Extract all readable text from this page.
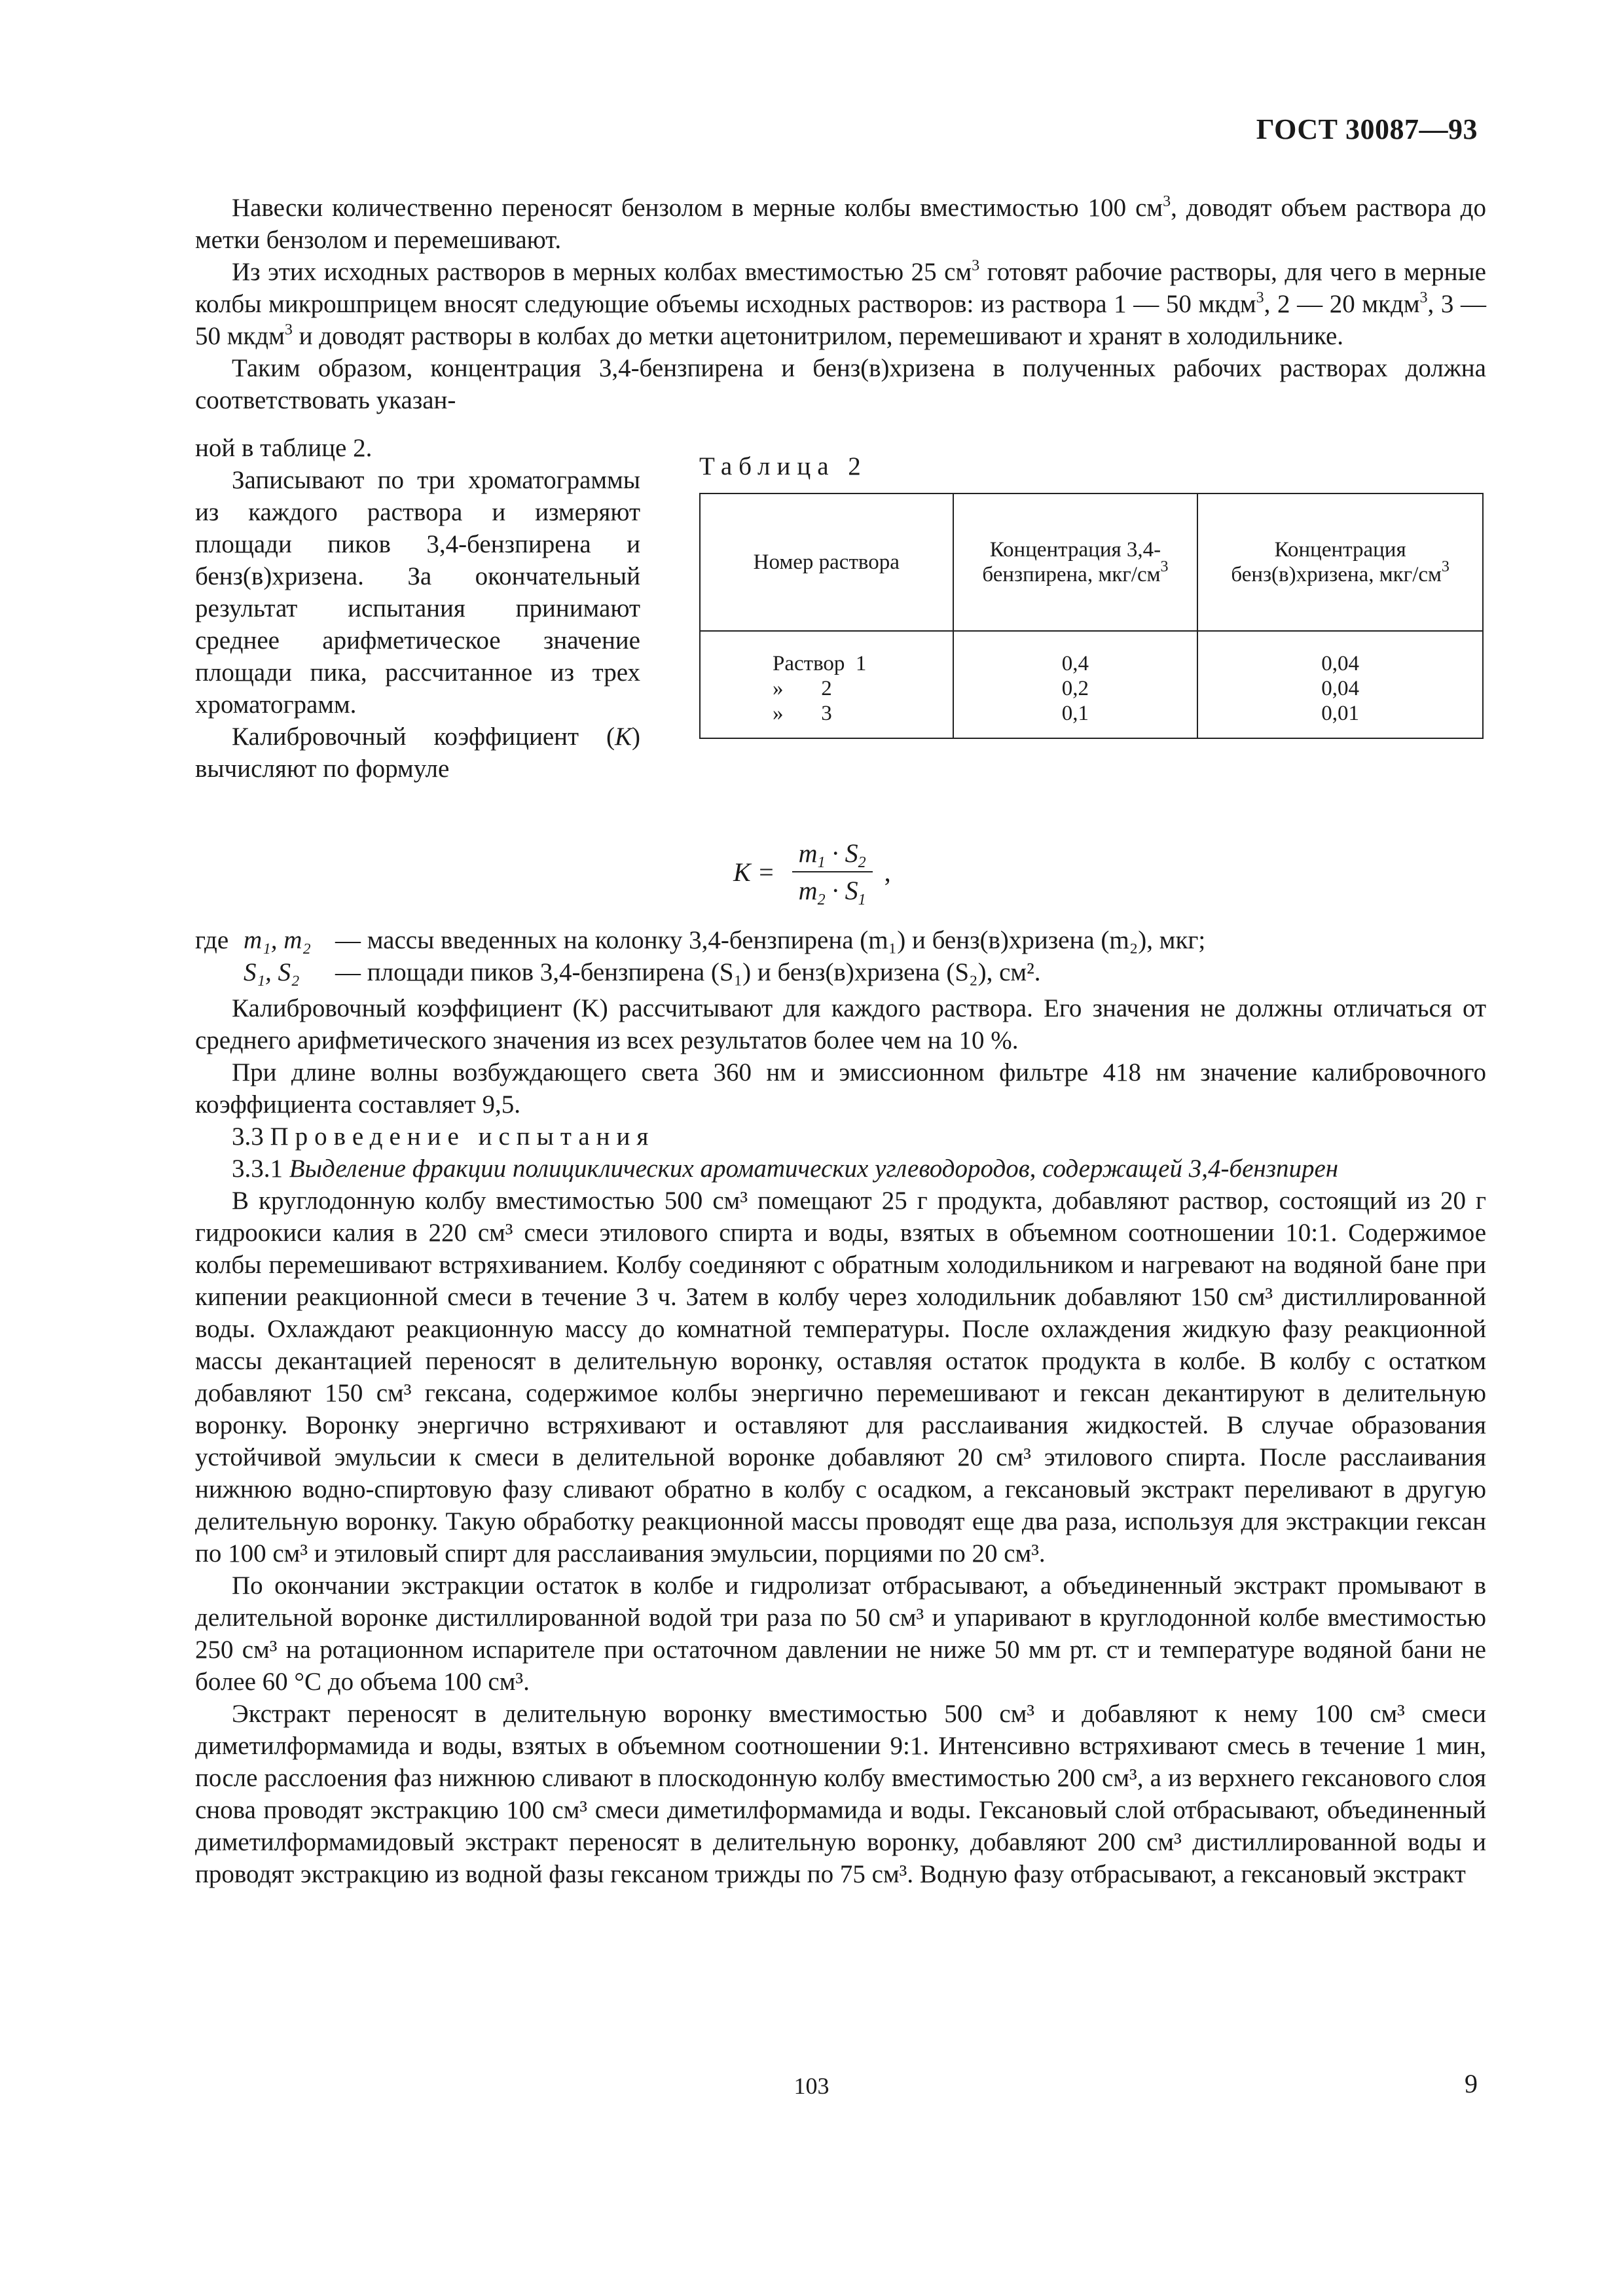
ГОСТ 30087—93

Навески количественно переносят бензолом в мерные колбы вместимостью 100 $см^3$, доводят объем раствора до метки бензолом и перемешивают.

Из этих исходных растворов в мерных колбах вместимостью 25 $см^3$ готовят рабочие растворы, для чего в мерные колбы микрошприцем вносят следующие объемы исходных растворов: из раствора 1 — 50 мкдм$^3$, 2 — 20 мкдм$^3$, 3 — 50 мкдм$^3$ и доводят растворы в колбах до метки ацетонитрилом, перемешивают и хранят в холодильнике.

Таким образом, концентрация 3,4-бензпирена и бенз(в)хризена в полученных рабочих растворах должна соответствовать указан-

ной в таблице 2.

Записывают по три хроматограммы из каждого раствора и измеряют площади пиков 3,4-бензпирена и бенз(в)хризена. За окончательный результат испытания принимают среднее арифметическое значение площади пика, рассчитанное из трех хроматограмм.

Калибровочный коэффициент (K) вычисляют по формуле

Таблица 2
Номер раствора	Концентрация 3,4-бензпирена, мкг/$см^3$	Концентрация бенз(в)хризена, мкг/$см^3$
Раствор  1	0,4	0,04
»       2	0,2	0,04
»       3	0,1	0,01
$K = \frac{m_1 \cdot S_2}{m_2 \cdot S_1}$ ,
где m₁, m₂ — массы введенных на колонку 3,4-бензпирена (m₁) и бенз(в)хризена (m₂), мкг;
S₁, S₂	— площади пиков 3,4-бензпирена (S₁) и бенз(в)хризена (S₂), см².

Калибровочный коэффициент (K) рассчитывают для каждого раствора. Его значения не должны отличаться от среднего арифметического значения из всех результатов более чем на 10 %.

При длине волны возбуждающего света 360 нм и эмиссионном фильтре 418 нм значение калибровочного коэффициента составляет 9,5.

3.3 Проведение испытания

3.3.1 Выделение фракции полициклических ароматических углеводородов, содержащей 3,4-бензпирен

В круглодонную колбу вместимостью 500 см³ помещают 25 г продукта, добавляют раствор, состоящий из 20 г гидроокиси калия в 220 см³ смеси этилового спирта и воды, взятых в объемном соотношении 10:1. Содержимое колбы перемешивают встряхиванием. Колбу соединяют с обратным холодильником и нагревают на водяной бане при кипении реакционной смеси в течение 3 ч. Затем в колбу через холодильник добавляют 150 см³ дистиллированной воды. Охлаждают реакционную массу до комнатной температуры. После охлаждения жидкую фазу реакционной массы декантацией переносят в делительную воронку, оставляя остаток продукта в колбе. В колбу с остатком добавляют 150 см³ гексана, содержимое колбы энергично перемешивают и гексан декантируют в делительную воронку. Воронку энергично встряхивают и оставляют для расслаивания жидкостей. В случае образования устойчивой эмульсии к смеси в делительной воронке добавляют 20 см³ этилового спирта. После расслаивания нижнюю водно-спиртовую фазу сливают обратно в колбу с осадком, а гексановый экстракт переливают в другую делительную воронку. Такую обработку реакционной массы проводят еще два раза, используя для экстракции гексан по 100 см³ и этиловый спирт для расслаивания эмульсии, порциями по 20 см³.

По окончании экстракции остаток в колбе и гидролизат отбрасывают, а объединенный экстракт промывают в делительной воронке дистиллированной водой три раза по 50 см³ и упаривают в круглодонной колбе вместимостью 250 см³ на ротационном испарителе при остаточном давлении не ниже 50 мм рт. ст и температуре водяной бани не более 60 °С до объема 100 см³.

Экстракт переносят в делительную воронку вместимостью 500 см³ и добавляют к нему 100 см³ смеси диметилформамида и воды, взятых в объемном соотношении 9:1. Интенсивно встряхивают смесь в течение 1 мин, после расслоения фаз нижнюю сливают в плоскодонную колбу вместимостью 200 см³, а из верхнего гексанового слоя снова проводят экстракцию 100 см³ смеси диметилформамида и воды. Гексановый слой отбрасывают, объединенный диметилформамидовый экстракт переносят в делительную воронку, добавляют 200 см³ дистиллированной воды и проводят экстракцию из водной фазы гексаном трижды по 75 см³. Водную фазу отбрасывают, а гексановый экстракт

103	9
